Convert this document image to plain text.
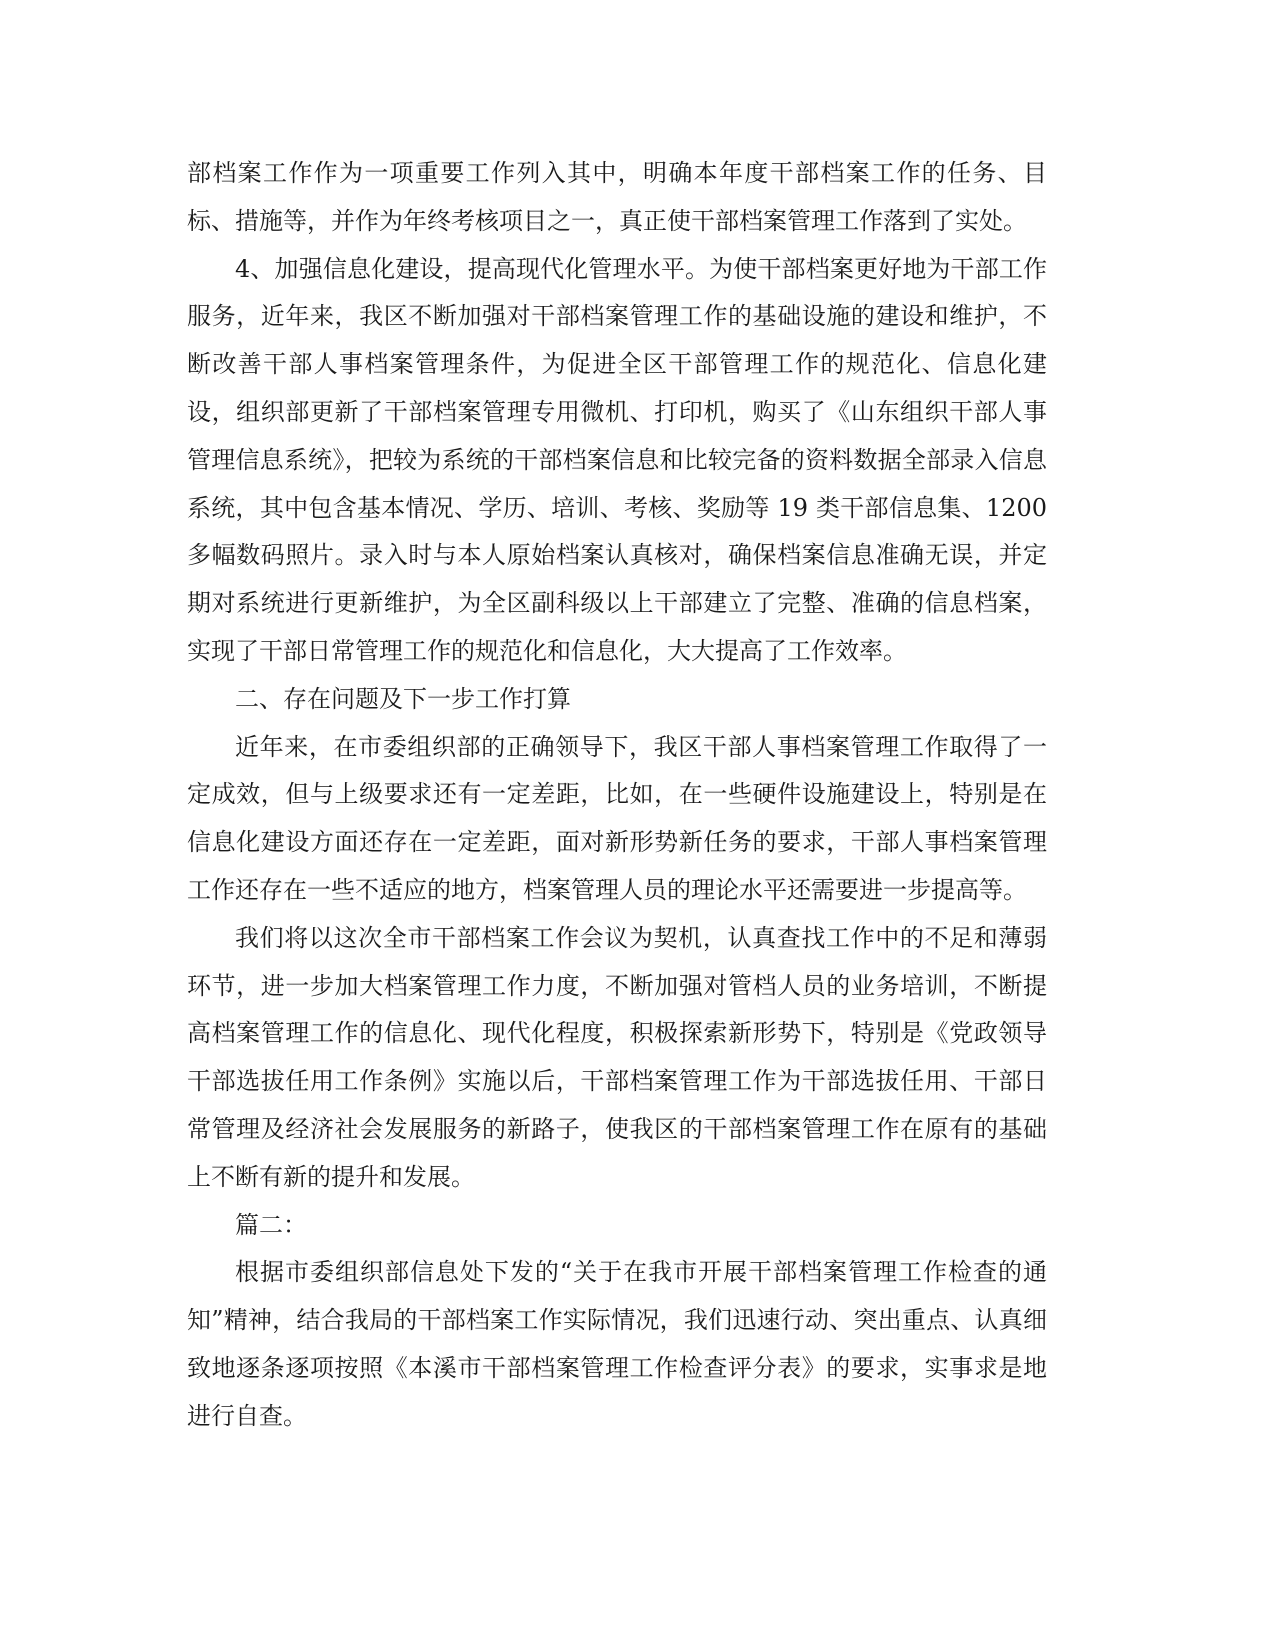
部档案工作作为一项重要工作列入其中，明确本年度干部档案工作的任务、目标、措施等，并作为年终考核项目之一，真正使干部档案管理工作落到了实处。

4、加强信息化建设，提高现代化管理水平。为使干部档案更好地为干部工作服务，近年来，我区不断加强对干部档案管理工作的基础设施的建设和维护，不断改善干部人事档案管理条件，为促进全区干部管理工作的规范化、信息化建设，组织部更新了干部档案管理专用微机、打印机，购买了《山东组织干部人事管理信息系统》，把较为系统的干部档案信息和比较完备的资料数据全部录入信息系统，其中包含基本情况、学历、培训、考核、奖励等 19 类干部信息集、1200 多幅数码照片。录入时与本人原始档案认真核对，确保档案信息准确无误，并定期对系统进行更新维护，为全区副科级以上干部建立了完整、准确的信息档案，实现了干部日常管理工作的规范化和信息化，大大提高了工作效率。

二、存在问题及下一步工作打算

近年来，在市委组织部的正确领导下，我区干部人事档案管理工作取得了一定成效，但与上级要求还有一定差距，比如，在一些硬件设施建设上，特别是在信息化建设方面还存在一定差距，面对新形势新任务的要求，干部人事档案管理工作还存在一些不适应的地方，档案管理人员的理论水平还需要进一步提高等。

我们将以这次全市干部档案工作会议为契机，认真查找工作中的不足和薄弱环节，进一步加大档案管理工作力度，不断加强对管档人员的业务培训，不断提高档案管理工作的信息化、现代化程度，积极探索新形势下，特别是《党政领导干部选拔任用工作条例》实施以后，干部档案管理工作为干部选拔任用、干部日常管理及经济社会发展服务的新路子，使我区的干部档案管理工作在原有的基础上不断有新的提升和发展。

篇二：

根据市委组织部信息处下发的“关于在我市开展干部档案管理工作检查的通知”精神，结合我局的干部档案工作实际情况，我们迅速行动、突出重点、认真细致地逐条逐项按照《本溪市干部档案管理工作检查评分表》的要求，实事求是地进行自查。
